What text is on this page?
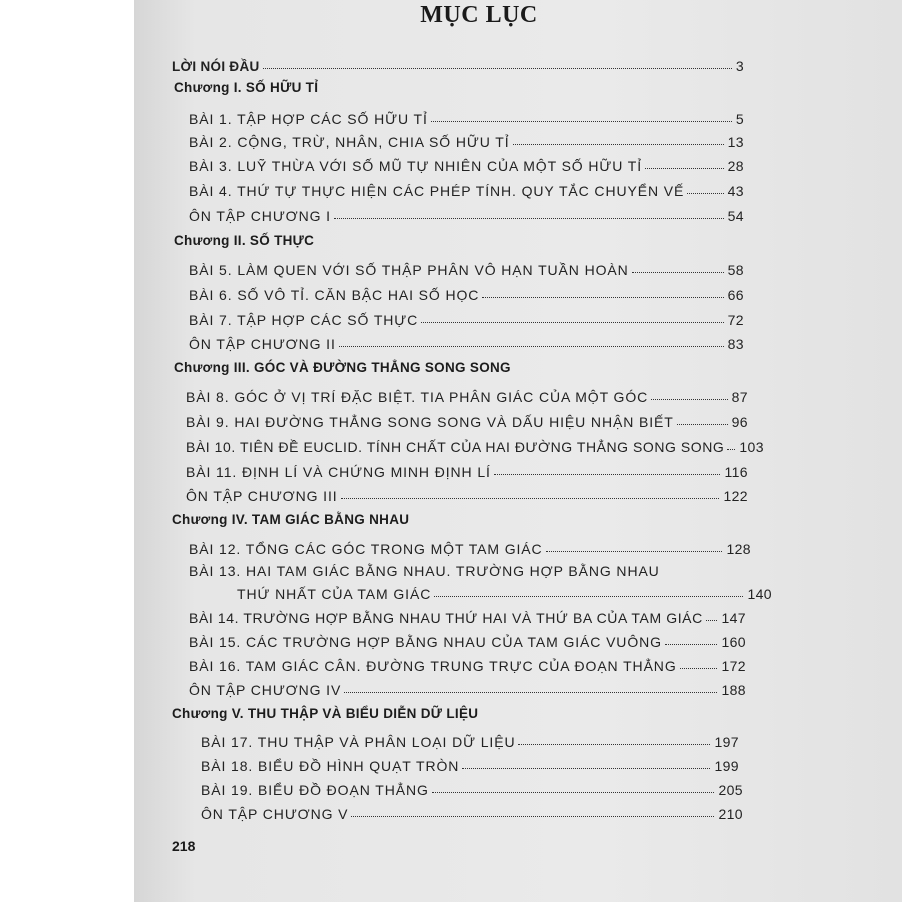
MỤC LỤC
LỜI NÓI ĐẦU	3
Chương I. SỐ HỮU TỈ
BÀI 1. TẬP HỢP CÁC SỐ HỮU TỈ	5
BÀI 2. CỘNG, TRỪ, NHÂN, CHIA SỐ HỮU TỈ	13
BÀI 3. LUỸ THỪA VỚI SỐ MŨ TỰ NHIÊN CỦA MỘT SỐ HỮU TỈ	28
BÀI 4. THỨ TỰ THỰC HIỆN CÁC PHÉP TÍNH. QUY TẮC CHUYỂN VẾ	43
ÔN TẬP CHƯƠNG I	54
Chương II. SỐ THỰC
BÀI 5. LÀM QUEN VỚI SỐ THẬP PHÂN VÔ HẠN TUẦN HOÀN	58
BÀI 6. SỐ VÔ TỈ. CĂN BẬC HAI SỐ HỌC	66
BÀI 7. TẬP HỢP CÁC SỐ THỰC	72
ÔN TẬP CHƯƠNG II	83
Chương III. GÓC VÀ ĐƯỜNG THẲNG SONG SONG
BÀI 8. GÓC Ở VỊ TRÍ ĐẶC BIỆT. TIA PHÂN GIÁC CỦA MỘT GÓC	87
BÀI 9. HAI ĐƯỜNG THẲNG SONG SONG VÀ DẤU HIỆU NHẬN BIẾT	96
BÀI 10. TIÊN ĐỀ EUCLID. TÍNH CHẤT CỦA HAI ĐƯỜNG THẲNG SONG SONG 103
BÀI 11. ĐỊNH LÍ VÀ CHỨNG MINH ĐỊNH LÍ	116
ÔN TẬP CHƯƠNG III	122
Chương IV. TAM GIÁC BẰNG NHAU
BÀI 12. TỔNG CÁC GÓC TRONG MỘT TAM GIÁC	128
BÀI 13. HAI TAM GIÁC BẰNG NHAU. TRƯỜNG HỢP BẰNG NHAU
THỨ NHẤT CỦA TAM GIÁC	140
BÀI 14. TRƯỜNG HỢP BẰNG NHAU THỨ HAI VÀ THỨ BA CỦA TAM GIÁC 147
BÀI 15. CÁC TRƯỜNG HỢP BẰNG NHAU CỦA TAM GIÁC VUÔNG	160
BÀI 16. TAM GIÁC CÂN. ĐƯỜNG TRUNG TRỰC CỦA ĐOẠN THẲNG	172
ÔN TẬP CHƯƠNG IV	188
Chương V. THU THẬP VÀ BIỂU DIỄN DỮ LIỆU
BÀI 17. THU THẬP VÀ PHÂN LOẠI DỮ LIỆU	197
BÀI 18. BIỂU ĐỒ HÌNH QUẠT TRÒN	199
BÀI 19. BIỂU ĐỒ ĐOẠN THẲNG	205
ÔN TẬP CHƯƠNG V	210
218
